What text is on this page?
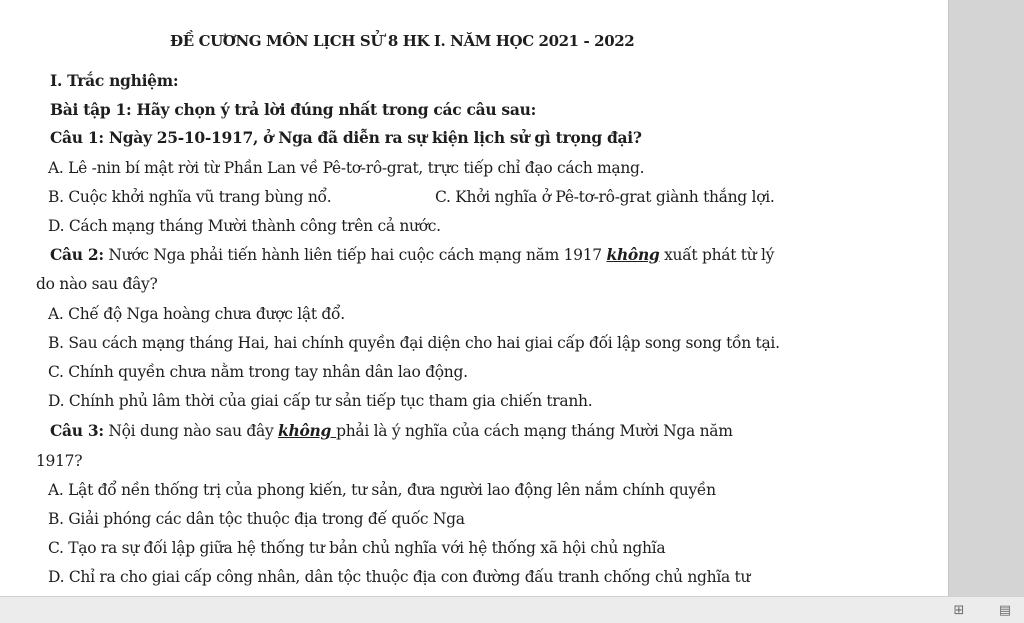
ĐỀ CƯƠNG MÔN LỊCH SỬ 8 HK I. NĂM HỌC 2021 - 2022
I. Trắc nghiệm:
Bài tập 1: Hãy chọn ý trả lời đúng nhất trong các câu sau:
Câu 1: Ngày 25-10-1917, ở Nga đã diễn ra sự kiện lịch sử gì trọng đại?
A. Lê -nin bí mật rời từ Phần Lan về Pê-tơ-rô-grat, trực tiếp chỉ đạo cách mạng.
B. Cuộc khởi nghĩa vũ trang bùng nổ.	C. Khởi nghĩa ở Pê-tơ-rô-grat giành thắng lợi.
D. Cách mạng tháng Mười thành công trên cả nước.
Câu 2: Nước Nga phải tiến hành liên tiếp hai cuộc cách mạng năm 1917 không xuất phát từ lý
do nào sau đây?
A. Chế độ Nga hoàng chưa được lật đổ.
B. Sau cách mạng tháng Hai, hai chính quyền đại diện cho hai giai cấp đối lập song song tồn tại.
C. Chính quyền chưa nằm trong tay nhân dân lao động.
D. Chính phủ lâm thời của giai cấp tư sản tiếp tục tham gia chiến tranh.
Câu 3: Nội dung nào sau đây không phải là ý nghĩa của cách mạng tháng Mười Nga năm
1917?
A. Lật đổ nền thống trị của phong kiến, tư sản, đưa người lao động lên nắm chính quyền
B. Giải phóng các dân tộc thuộc địa trong đế quốc Nga
C. Tạo ra sự đối lập giữa hệ thống tư bản chủ nghĩa với hệ thống xã hội chủ nghĩa
D. Chỉ ra cho giai cấp công nhân, dân tộc thuộc địa con đường đấu tranh chống chủ nghĩa tư
⊞	▤
